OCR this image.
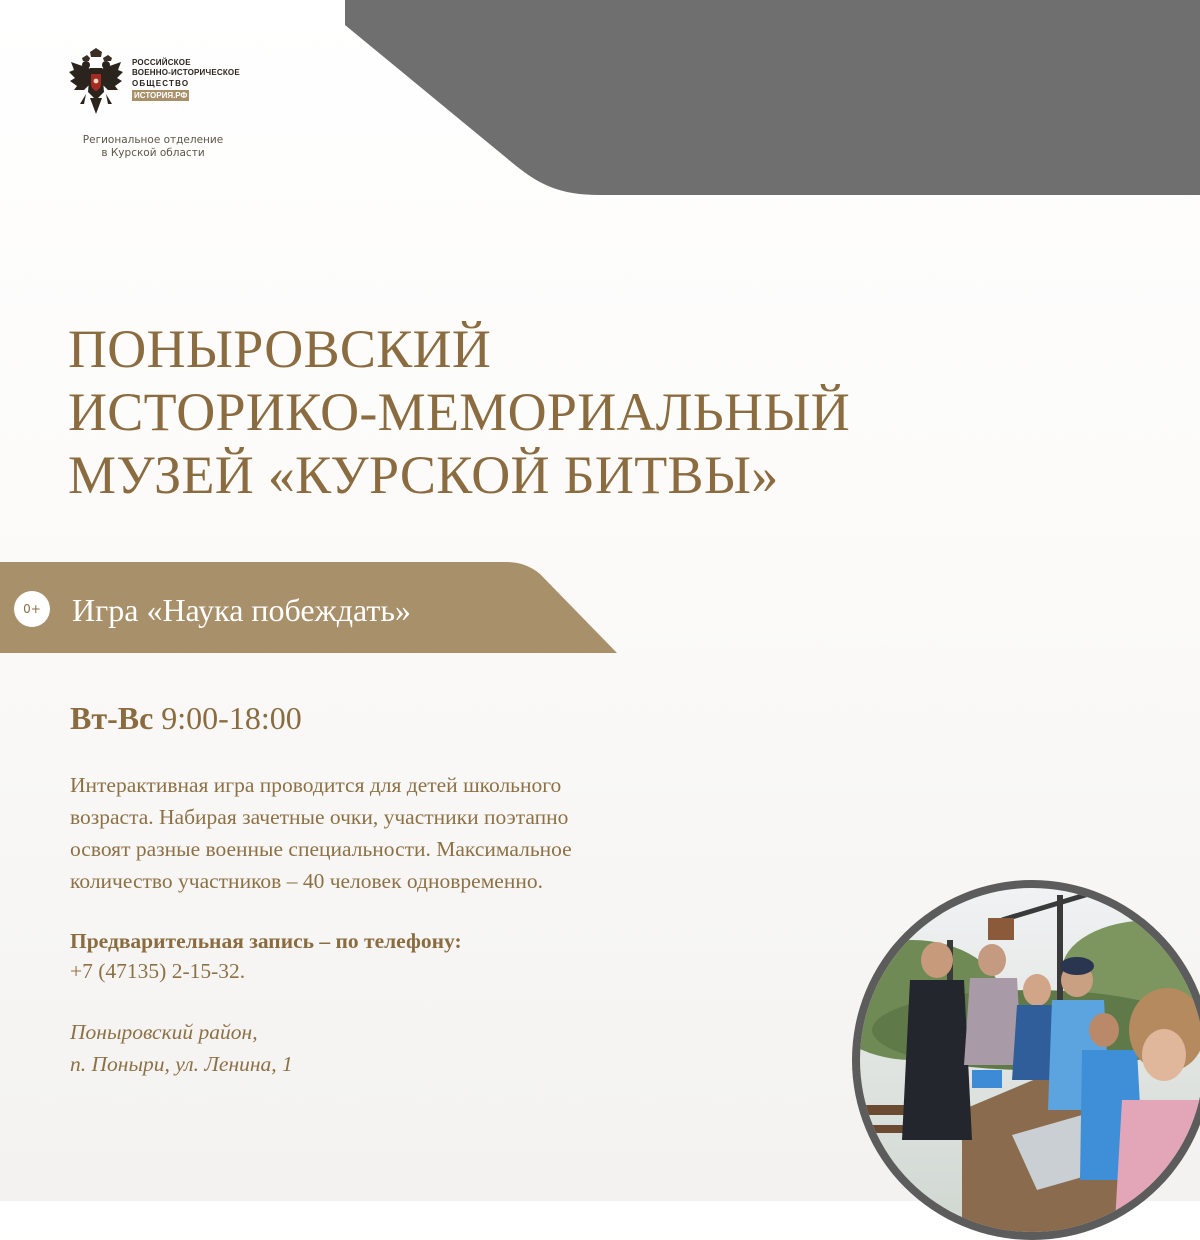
РОССИЙСКОЕ
ВОЕННО-ИСТОРИЧЕСКОЕ
ОБЩЕСТВО
ИСТОРИЯ.РФ
Региональное отделение
в Курской области
ПОНЫРОВСКИЙ
ИСТОРИКО-МЕМОРИАЛЬНЫЙ
МУЗЕЙ «КУРСКОЙ БИТВЫ»
0+ Игра «Наука побеждать»
Вт-Вс 9:00-18:00
Интерактивная игра проводится для детей школьного
возраста. Набирая зачетные очки, участники поэтапно
освоят разные военные специальности. Максимальное
количество участников – 40 человек одновременно.
Предварительная запись – по телефону:
+7 (47135) 2-15-32.
Поныровский район,
п. Поныри, ул. Ленина, 1
